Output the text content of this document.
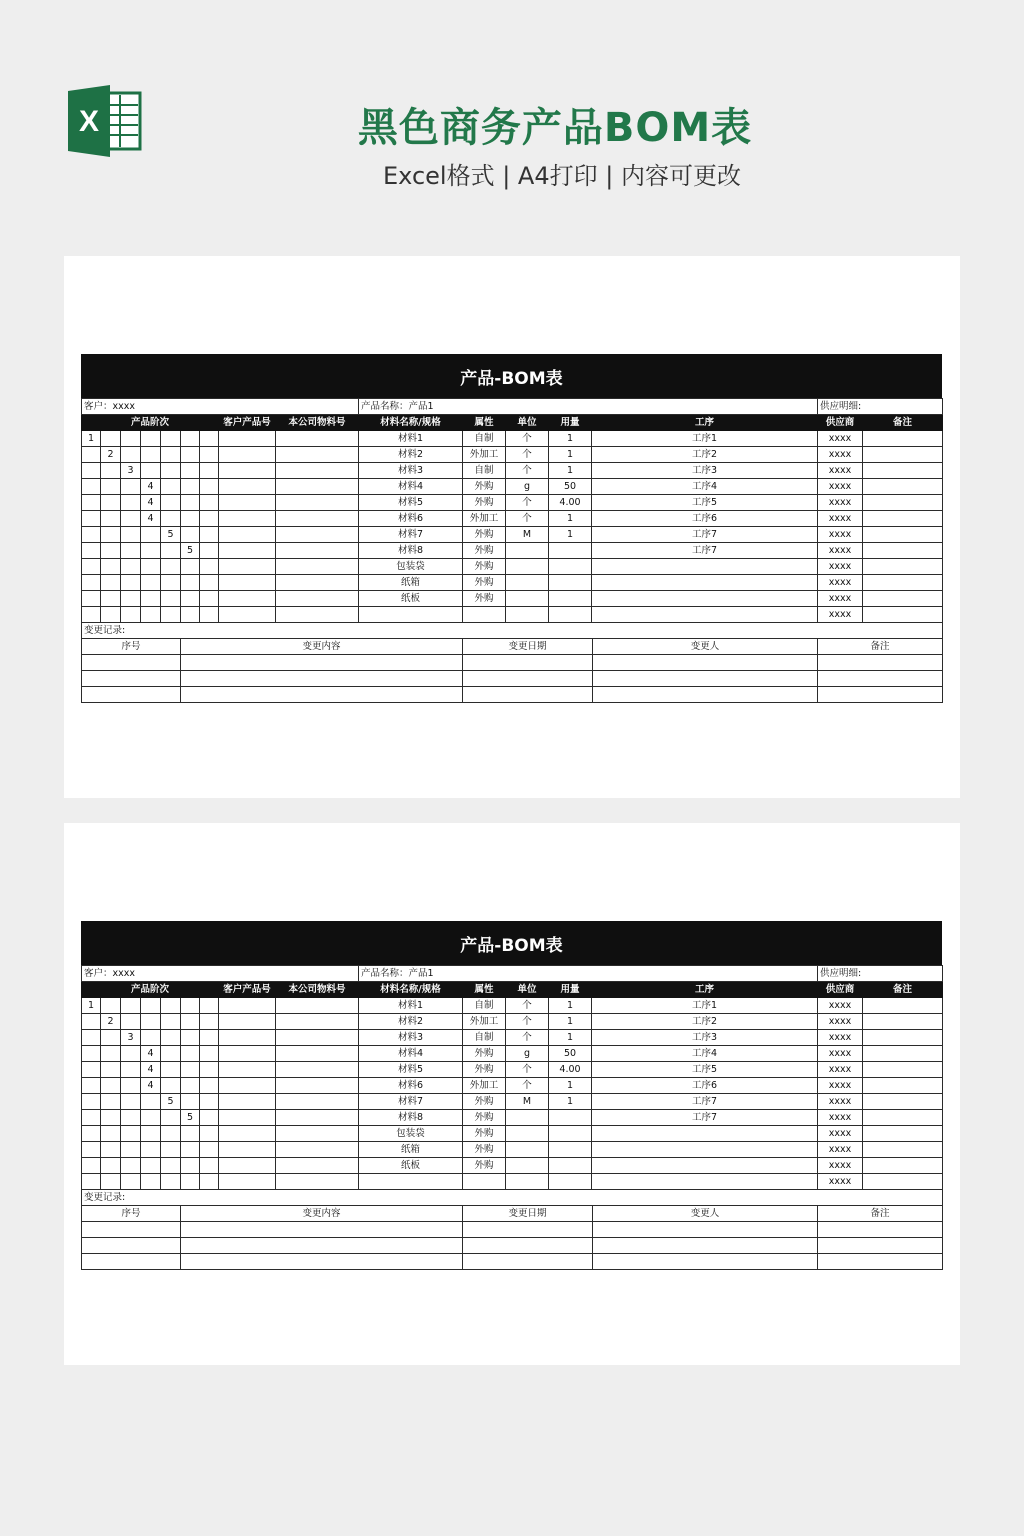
X	黑色商务产品BOM表
Excel格式 | A4打印 | 内容可更改
产品-BOM表
客户：xxxx									产品名称：产品1					供应明细:	
产品阶次							客户产品号	本公司物料号	材料名称/规格	属性	单位	用量	工序	供应商	备注
1									材料1	自制	个	1	工序1	xxxx	
	2								材料2	外加工	个	1	工序2	xxxx	
		3							材料3	自制	个	1	工序3	xxxx	
			4						材料4	外购	g	50	工序4	xxxx	
			4						材料5	外购	个	4.00	工序5	xxxx	
			4						材料6	外加工	个	1	工序6	xxxx	
				5					材料7	外购	M	1	工序7	xxxx	
					5				材料8	外购			工序7	xxxx	
									包装袋	外购				xxxx	
									纸箱	外购				xxxx	
									纸板	外购				xxxx	
														xxxx	
变更记录:															
序号	变更内容	变更日期	变更人	备注

产品-BOM表
客户：xxxx									产品名称：产品1					供应明细:	
产品阶次							客户产品号	本公司物料号	材料名称/规格	属性	单位	用量	工序	供应商	备注
1									材料1	自制	个	1	工序1	xxxx	
	2								材料2	外加工	个	1	工序2	xxxx	
		3							材料3	自制	个	1	工序3	xxxx	
			4						材料4	外购	g	50	工序4	xxxx	
			4						材料5	外购	个	4.00	工序5	xxxx	
			4						材料6	外加工	个	1	工序6	xxxx	
				5					材料7	外购	M	1	工序7	xxxx	
					5				材料8	外购			工序7	xxxx	
									包装袋	外购				xxxx	
									纸箱	外购				xxxx	
									纸板	外购				xxxx	
														xxxx	
变更记录:															
序号	变更内容	变更日期	变更人	备注
